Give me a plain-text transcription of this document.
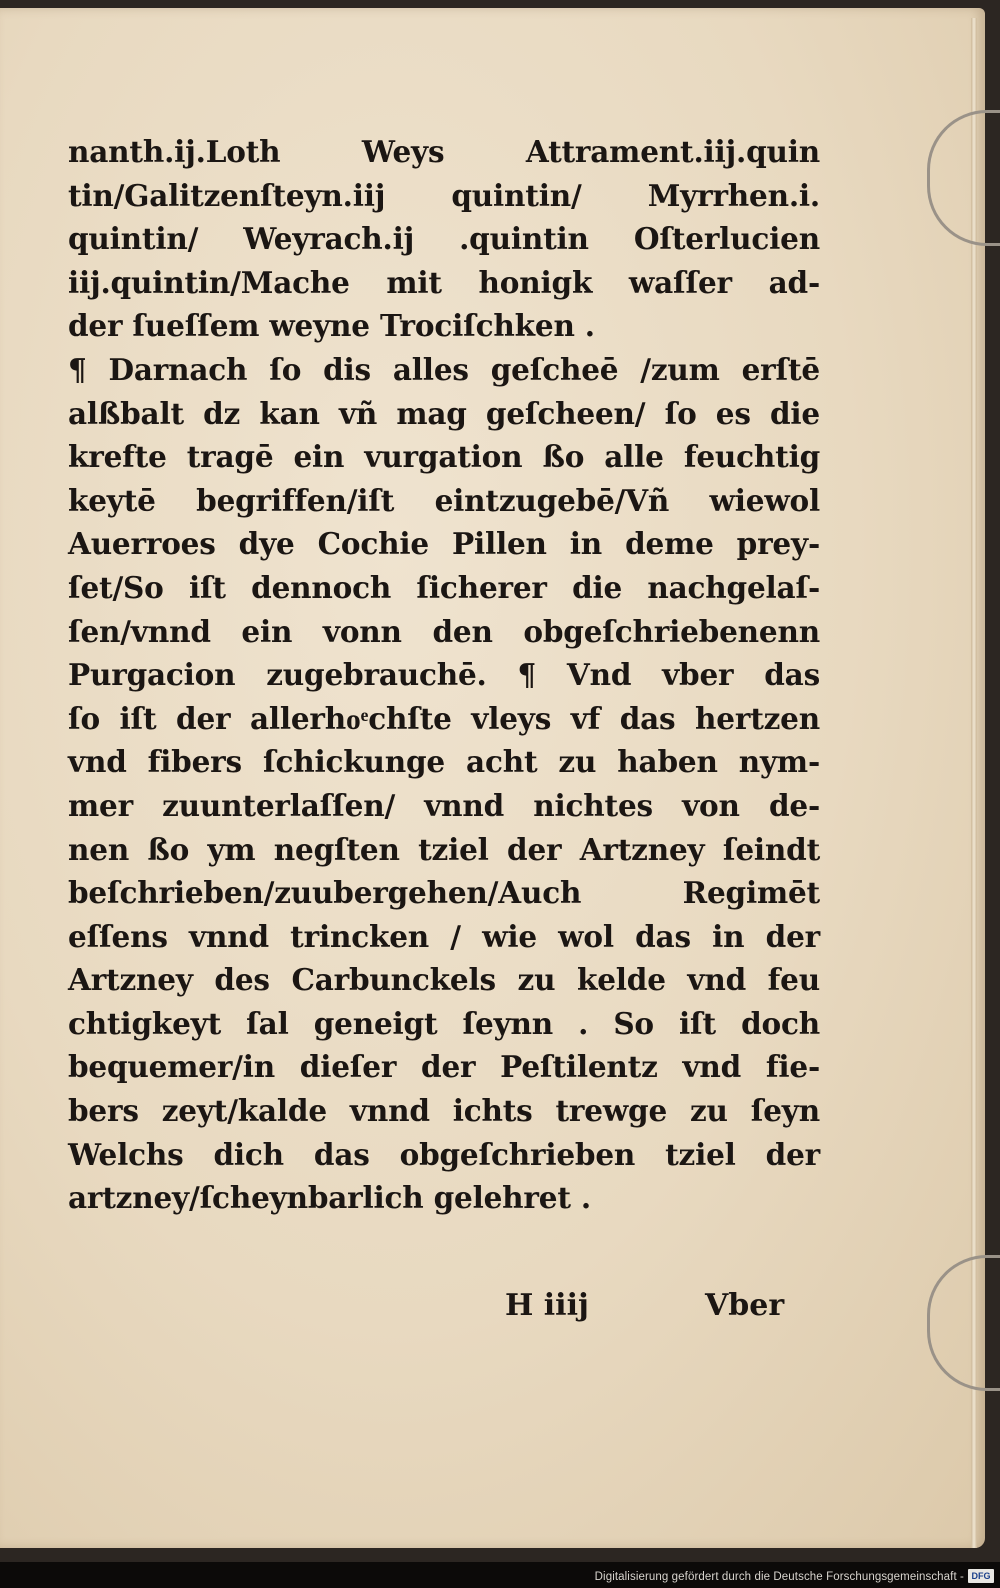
nanth.ij.Loth Weys Attrament.iij.quin
tin/Galitzenſteyn.iij quintin/ Myrrhen.i.
quintin/ Weyrach.ij .quintin Oſterlucien
iij.quintin/Mache mit honigk waſſer ad-
der ſueſſem weyne Trociſchken .
¶ Darnach ſo dis alles geſcheē /zum erſtē
alßbalt dz kan vñ mag geſcheen/ ſo es die
krefte tragē ein vurgation ßo alle feuchtig
keytē begriffen/iſt eintzugebē/Vñ wiewol
Auerroes dye Cochie Pillen in deme prey-
ſet/So iſt dennoch ſicherer die nachgelaſ-
ſen/vnnd ein vonn den obgeſchriebenenn
Purgacion zugebrauchē. ¶ Vnd vber das
ſo iſt der allerhoͤchſte vleys vf das hertzen
vnd fibers ſchickunge acht zu haben nym-
mer zuunterlaſſen/ vnnd nichtes von de-
nen ßo ym negſten tziel der Artzney ſeindt
beſchrieben/zuubergehen/Auch Regimēt
eſſens vnnd trincken / wie wol das in der
Artzney des Carbunckels zu kelde vnd feu
chtigkeyt ſal geneigt ſeynn . So iſt doch
bequemer/in dieſer der Peſtilentz vnd fie-
bers zeyt/kalde vnnd ichts trewge zu ſeyn
Welchs dich das obgeſchrieben tziel der
artzney/ſcheynbarlich gelehret .
H iiij	Vber
Digitalisierung gefördert durch die Deutsche Forschungsgemeinschaft - DFG
